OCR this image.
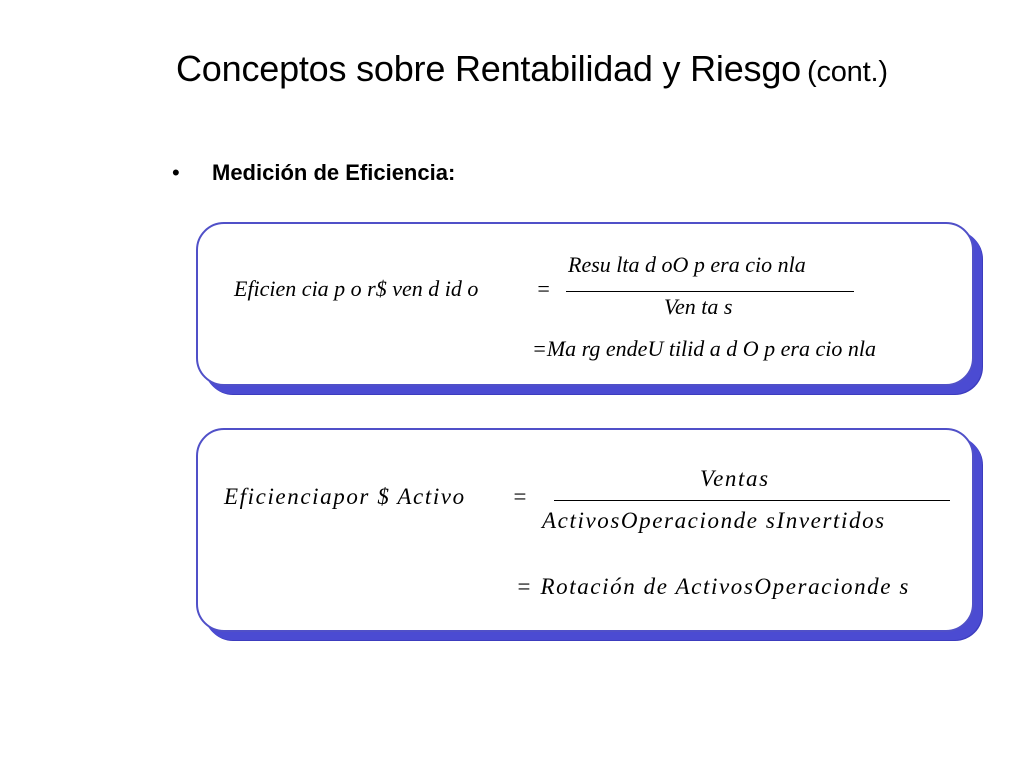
Conceptos sobre Rentabilidad y Riesgo (cont.)
• Medición de Eficiencia:
Eficien cia p o r$ ven d id o	=
Resu lta d oO p era cio nla
Ven ta s
=Ma rg endeU tilid a d O p era cio nla
Eficienciapor $ Activo =
Ventas
ActivosOperacionde sInvertidos
= Rotación de ActivosOperacionde s
